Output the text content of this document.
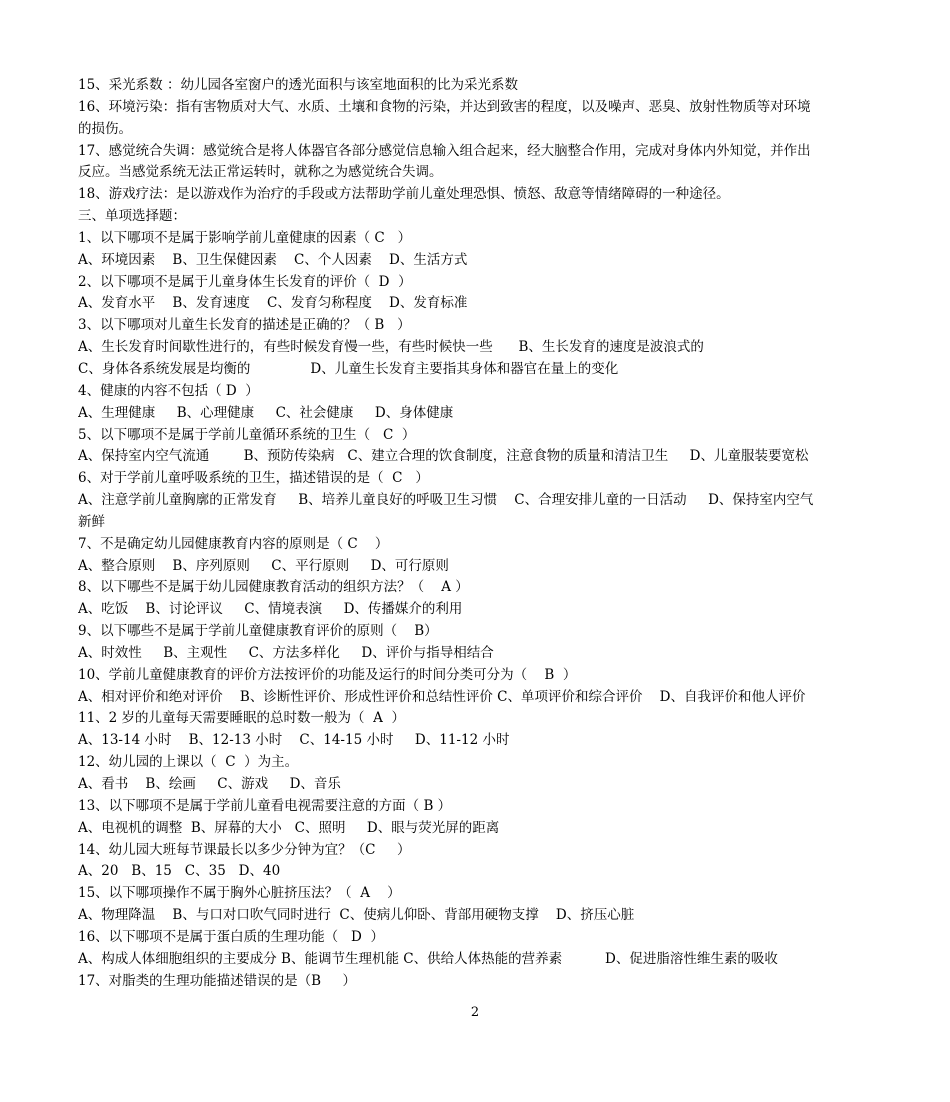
15、采光系数 ：幼儿园各室窗户的透光面积与该室地面积的比为采光系数
16、环境污染：指有害物质对大气、水质、土壤和食物的污染，并达到致害的程度，以及噪声、恶臭、放射性物质等对环境
的损伤。
17、感觉统合失调：感觉统合是将人体器官各部分感觉信息输入组合起来，经大脑整合作用，完成对身体内外知觉，并作出
反应。当感觉系统无法正常运转时，就称之为感觉统合失调。
18、游戏疗法：是以游戏作为治疗的手段或方法帮助学前儿童处理恐惧、愤怒、敌意等情绪障碍的一种途径。
三、单项选择题：
1、以下哪项不是属于影响学前儿童健康的因素（ C   ）
A、环境因素    B、卫生保健因素    C、个人因素    D、生活方式
2、以下哪项不是属于儿童身体生长发育的评价（  D  ）
A、发育水平    B、发育速度    C、发育匀称程度    D、发育标准
3、以下哪项对儿童生长发育的描述是正确的？（ B   ）
A、生长发育时间歇性进行的，有些时候发育慢一些，有些时候快一些      B、生长发育的速度是波浪式的
C、身体各系统发展是均衡的              D、儿童生长发育主要指其身体和器官在量上的变化
4、健康的内容不包括（ D  ）
A、生理健康     B、心理健康     C、社会健康     D、身体健康
5、以下哪项不是属于学前儿童循环系统的卫生（   C  ）
A、保持室内空气流通        B、预防传染病   C、建立合理的饮食制度，注意食物的质量和清洁卫生     D、儿童服装要宽松
6、对于学前儿童呼吸系统的卫生，描述错误的是（  C   ）
A、注意学前儿童胸廓的正常发育     B、培养儿童良好的呼吸卫生习惯    C、合理安排儿童的一日活动     D、保持室内空气
新鲜
7、不是确定幼儿园健康教育内容的原则是（ C    ）
A、整合原则    B、序列原则     C、平行原则     D、可行原则
8、以下哪些不是属于幼儿园健康教育活动的组织方法？（    A ）
A、吃饭    B、讨论评议     C、情境表演     D、传播媒介的利用
9、以下哪些不是属于学前儿童健康教育评价的原则（    B）
A、时效性     B、主观性     C、方法多样化     D、评价与指导相结合
10、学前儿童健康教育的评价方法按评价的功能及运行的时间分类可分为（    B  ）
A、相对评价和绝对评价    B、诊断性评价、形成性评价和总结性评价 C、单项评价和综合评价    D、自我评价和他人评价
11、2 岁的儿童每天需要睡眠的总时数一般为（  A  ）
A、13-14 小时    B、12-13 小时    C、14-15 小时     D、11-12 小时
12、幼儿园的上课以（  C  ）为主。
A、看书    B、绘画     C、游戏     D、音乐
13、以下哪项不是属于学前儿童看电视需要注意的方面（ B ）
A、电视机的调整  B、屏幕的大小   C、照明     D、眼与荧光屏的距离
14、幼儿园大班每节课最长以多少分钟为宜？（C     ）
A、20   B、15   C、35   D、40
15、以下哪项操作不属于胸外心脏挤压法？（  A    ）
A、物理降温    B、与口对口吹气同时进行  C、使病儿仰卧、背部用硬物支撑    D、挤压心脏
16、以下哪项不是属于蛋白质的生理功能（   D  ）
A、构成人体细胞组织的主要成分 B、能调节生理机能 C、供给人体热能的营养素          D、促进脂溶性维生素的吸收
17、对脂类的生理功能描述错误的是（B     ）
2
